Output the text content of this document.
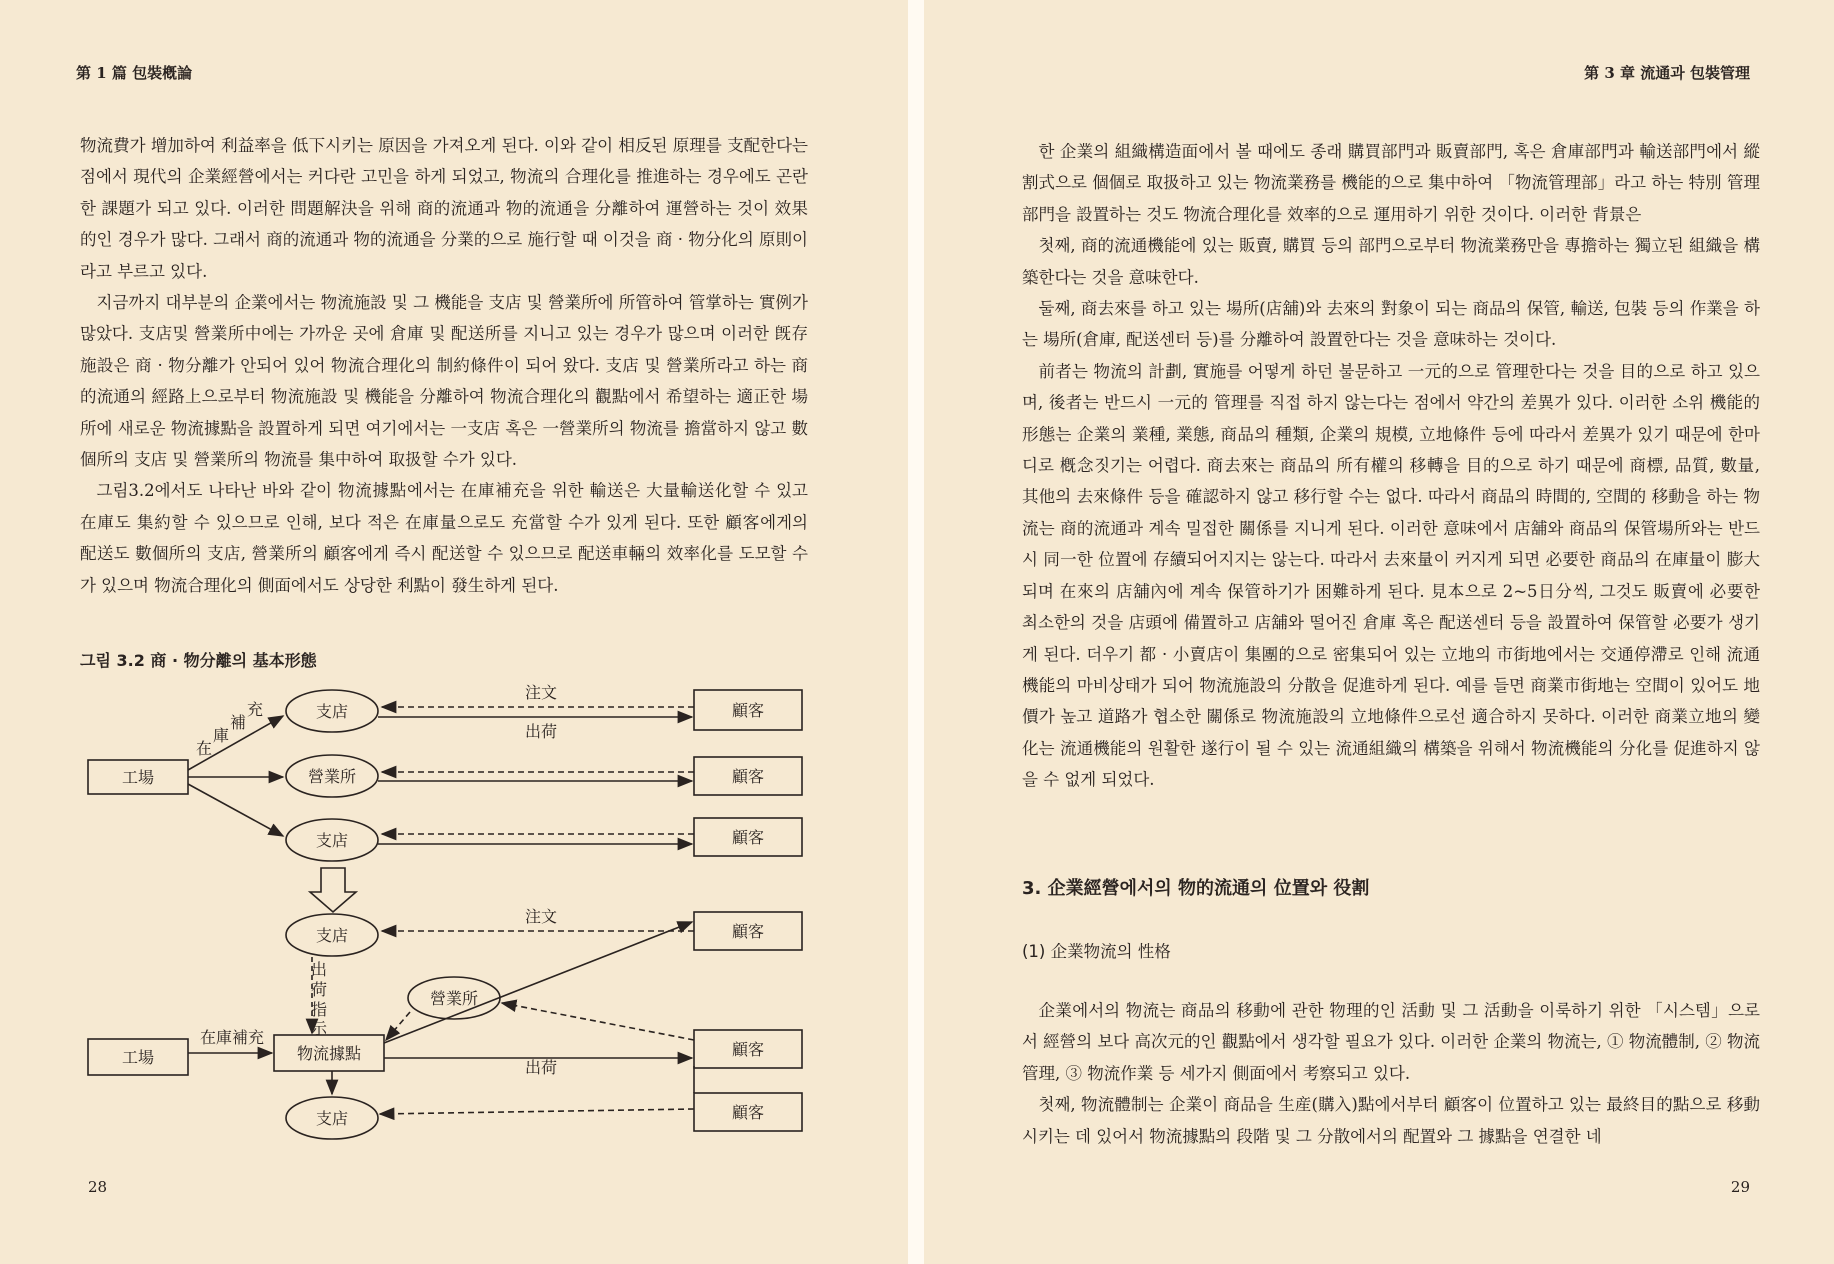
第 1 篇 包裝槪論

物流費가 增加하여 利益率을 低下시키는 原因을 가져오게 된다. 이와 같이 相反된 原理를 支配한다는 점에서 現代의 企業經營에서는 커다란 고민을 하게 되었고, 物流의 合理化를 推進하는 경우에도 곤란한 課題가 되고 있다. 이러한 問題解決을 위해 商的流通과 物的流通을 分離하여 運營하는 것이 效果的인 경우가 많다. 그래서 商的流通과 物的流通을 分業的으로 施行할 때 이것을 商 · 物分化의 原則이라고 부르고 있다.

지금까지 대부분의 企業에서는 物流施設 및 그 機能을 支店 및 營業所에 所管하여 管掌하는 實例가 많았다. 支店및 營業所中에는 가까운 곳에 倉庫 및 配送所를 지니고 있는 경우가 많으며 이러한 旣存施設은 商 · 物分離가 안되어 있어 物流合理化의 制約條件이 되어 왔다. 支店 및 營業所라고 하는 商的流通의 經路上으로부터 物流施設 및 機能을 分離하여 物流合理化의 觀點에서 希望하는 適正한 場所에 새로운 物流據點을 設置하게 되면 여기에서는 一支店 혹은 一營業所의 物流를 擔當하지 않고 數個所의 支店 및 營業所의 物流를 集中하여 取扱할 수가 있다.

그림3.2에서도 나타난 바와 같이 物流據點에서는 在庫補充을 위한 輸送은 大量輸送化할 수 있고 在庫도 集約할 수 있으므로 인해, 보다 적은 在庫量으로도 充當할 수가 있게 된다. 또한 顧客에게의 配送도 數個所의 支店, 營業所의 顧客에게 즉시 配送할 수 있으므로 配送車輛의 效率化를 도모할 수가 있으며 物流合理化의 側面에서도 상당한 利點이 發生하게 된다.

그림 3.2 商 · 物分離의 基本形態
工場
支店
營業所
支店
顧客
顧客
顧客
注文
出荷
在
庫
補
充
支店	顧客
注文
營業所
工場	物流據點
在庫補充
出荷
顧客
顧客
支店
出
荷
指
示
28
第 3 章 流通과 包裝管理

한 企業의 組織構造面에서 볼 때에도 종래 購買部門과 販賣部門, 혹은 倉庫部門과 輸送部門에서 縱割式으로 個個로 取扱하고 있는 物流業務를 機能的으로 集中하여 「物流管理部」라고 하는 特別 管理部門을 設置하는 것도 物流合理化를 效率的으로 運用하기 위한 것이다. 이러한 背景은

첫째, 商的流通機能에 있는 販賣, 購買 등의 部門으로부터 物流業務만을 專擔하는 獨立된 組織을 構築한다는 것을 意味한다.

둘째, 商去來를 하고 있는 場所(店舖)와 去來의 對象이 되는 商品의 保管, 輸送, 包裝 등의 作業을 하는 場所(倉庫, 配送센터 등)를 分離하여 設置한다는 것을 意味하는 것이다.

前者는 物流의 計劃, 實施를 어떻게 하던 불문하고 一元的으로 管理한다는 것을 目的으로 하고 있으며, 後者는 반드시 一元的 管理를 직접 하지 않는다는 점에서 약간의 差異가 있다. 이러한 소위 機能的 形態는 企業의 業種, 業態, 商品의 種類, 企業의 規模, 立地條件 등에 따라서 差異가 있기 때문에 한마디로 槪念짓기는 어렵다. 商去來는 商品의 所有權의 移轉을 目的으로 하기 때문에 商標, 品質, 數量, 其他의 去來條件 등을 確認하지 않고 移行할 수는 없다. 따라서 商品의 時間的, 空間的 移動을 하는 物流는 商的流通과 계속 밀접한 關係를 지니게 된다. 이러한 意味에서 店舖와 商品의 保管場所와는 반드시 同一한 位置에 存續되어지지는 않는다. 따라서 去來量이 커지게 되면 必要한 商品의 在庫量이 膨大되며 在來의 店舖內에 계속 保管하기가 困難하게 된다. 見本으로 2~5日分씩, 그것도 販賣에 必要한 최소한의 것을 店頭에 備置하고 店舖와 떨어진 倉庫 혹은 配送센터 등을 設置하여 保管할 必要가 생기게 된다. 더우기 都 · 小賣店이 集團的으로 密集되어 있는 立地의 市街地에서는 交通停滯로 인해 流通機能의 마비상태가 되어 物流施設의 分散을 促進하게 된다. 예를 들면 商業市街地는 空間이 있어도 地價가 높고 道路가 협소한 關係로 物流施設의 立地條件으로선 適合하지 못하다. 이러한 商業立地의 變化는 流通機能의 원활한 遂行이 될 수 있는 流通組織의 構築을 위해서 物流機能의 分化를 促進하지 않을 수 없게 되었다.

企業에서의 物流는 商品의 移動에 관한 物理的인 活動 및 그 活動을 이룩하기 위한 「시스템」으로서 經營의 보다 高次元的인 觀點에서 생각할 필요가 있다. 이러한 企業의 物流는, ① 物流體制, ② 物流管理, ③ 物流作業 등 세가지 側面에서 考察되고 있다.

첫째, 物流體制는 企業이 商品을 生産(購入)點에서부터 顧客이 位置하고 있는 最終目的點으로 移動시키는 데 있어서 物流據點의 段階 및 그 分散에서의 配置와 그 據點을 연결한 네

29
3. 企業經營에서의 物的流通의 位置와 役割
(1) 企業物流의 性格
